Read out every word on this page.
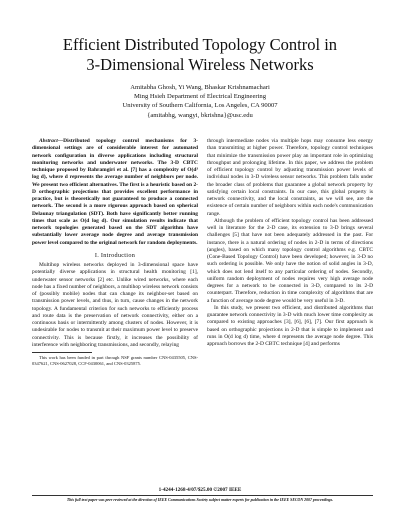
Efficient Distributed Topology Control in
3-Dimensional Wireless Networks
Amitabha Ghosh, Yi Wang, Bhaskar Krishnamachari
Ming Hsieh Department of Electrical Engineering
University of Southern California, Los Angeles, CA 90007
{amitabhg, wangyi, bkrishna}@usc.edu

Abstract—Distributed topology control mechanisms for 3-dimensional settings are of considerable interest for automated network configuration in diverse applications including structural monitoring networks and underwater networks. The 3-D CBTC technique proposed by Bahramgiri et al. [7] has a complexity of O(d³ log d), where d represents the average number of neighbors per node. We present two efficient alternatives. The first is a heuristic based on 2-D orthographic projections that provides excellent performance in practice, but is theoretically not guaranteed to produce a connected network. The second is a more rigorous approach based on spherical Delaunay triangulation (SDT). Both have significantly better running times that scale as O(d log d). Our simulation results indicate that network topologies generated based on the SDT algorithm have substantially lower average node degree and average transmission power level compared to the original network for random deployments.

I. Introduction

Multihop wireless networks deployed in 3-dimensional space have potentially diverse applications in structural health monitoring [1], underwater sensor networks [2] etc. Unlike wired networks, where each node has a fixed number of neighbors, a multihop wireless network consists of (possibly mobile) nodes that can change its neighbor-set based on transmission power levels, and thus, in turn, cause changes in the network topology. A fundamental criterion for such networks to efficiently process and route data is the preservation of network connectivity, either on a continuous basis or intermittently among clusters of nodes. However, it is undesirable for nodes to transmit at their maximum power level to preserve connectivity. This is because firstly, it increases the possibility of interference with neighboring transmissions, and secondly, relaying

This work has been funded in part through NSF grants number CNS-0435505, CNS-0347621, CNS-0627028, CCF-0430061, and CNS-0325875.

through intermediate nodes via multiple hops may consume less energy than transmitting at higher power. Therefore, topology control techniques that minimize the transmission power play an important role in optimizing throughput and prolonging lifetime. In this paper, we address the problem of efficient topology control by adjusting transmission power levels of individual nodes in 3-D wireless sensor networks. This problem falls under the broader class of problems that guarantee a global network property by satisfying certain local constraints. In our case, this global property is network connectivity, and the local constraints, as we will see, are the existence of certain number of neighbors within each node's communication range.

Although the problem of efficient topology control has been addressed well in literature for the 2-D case, its extension to 3-D brings several challenges [5] that have not been adequately addressed in the past. For instance, there is a natural ordering of nodes in 2-D in terms of directions (angles), based on which many topology control algorithms e.g. CBTC (Cone-Based Topology Control) have been developed; however, in 3-D no such ordering is possible. We only have the notion of solid angles in 3-D, which does not lend itself to any particular ordering of nodes. Secondly, uniform random deployment of nodes requires very high average node degrees for a network to be connected in 3-D, compared to its 2-D counterpart. Therefore, reduction in time complexity of algorithms that are a function of average node degree would be very useful in 3-D.

In this study, we present two efficient, and distributed algorithms that guarantee network connectivity in 3-D with much lower time complexity as compared to existing approaches [3], [6], [6], [7]. Our first approach is based on orthographic projections in 2-D that is simple to implement and runs in O(d log d) time, where d represents the average node degree. This approach borrows the 2-D CBTC technique [4] and performs

1-4244-1268-4/07/$25.00 ©2007 IEEE
This full text paper was peer reviewed at the direction of IEEE Communications Society subject matter experts for publication in the IEEE SECON 2007 proceedings.
